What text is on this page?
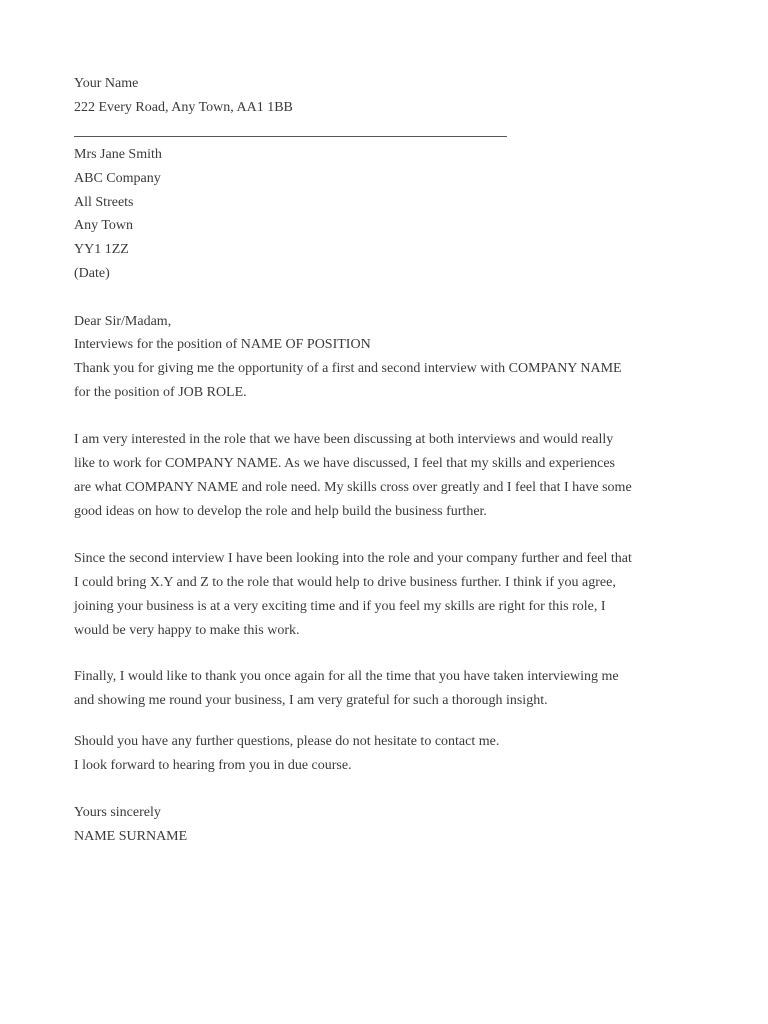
Your Name
222 Every Road, Any Town, AA1 1BB
Mrs Jane Smith
ABC Company
All Streets
Any Town
YY1 1ZZ
(Date)
Dear Sir/Madam,
Interviews for the position of NAME OF POSITION
Thank you for giving me the opportunity of a first and second interview with COMPANY NAME
for the position of JOB ROLE.
I am very interested in the role that we have been discussing at both interviews and would really
like to work for COMPANY NAME. As we have discussed, I feel that my skills and experiences
are what COMPANY NAME and role need. My skills cross over greatly and I feel that I have some
good ideas on how to develop the role and help build the business further.
Since the second interview I have been looking into the role and your company further and feel that
I could bring X.Y and Z to the role that would help to drive business further. I think if you agree,
joining your business is at a very exciting time and if you feel my skills are right for this role, I
would be very happy to make this work.
Finally, I would like to thank you once again for all the time that you have taken interviewing me
and showing me round your business, I am very grateful for such a thorough insight.
Should you have any further questions, please do not hesitate to contact me.
I look forward to hearing from you in due course.
Yours sincerely
NAME SURNAME
